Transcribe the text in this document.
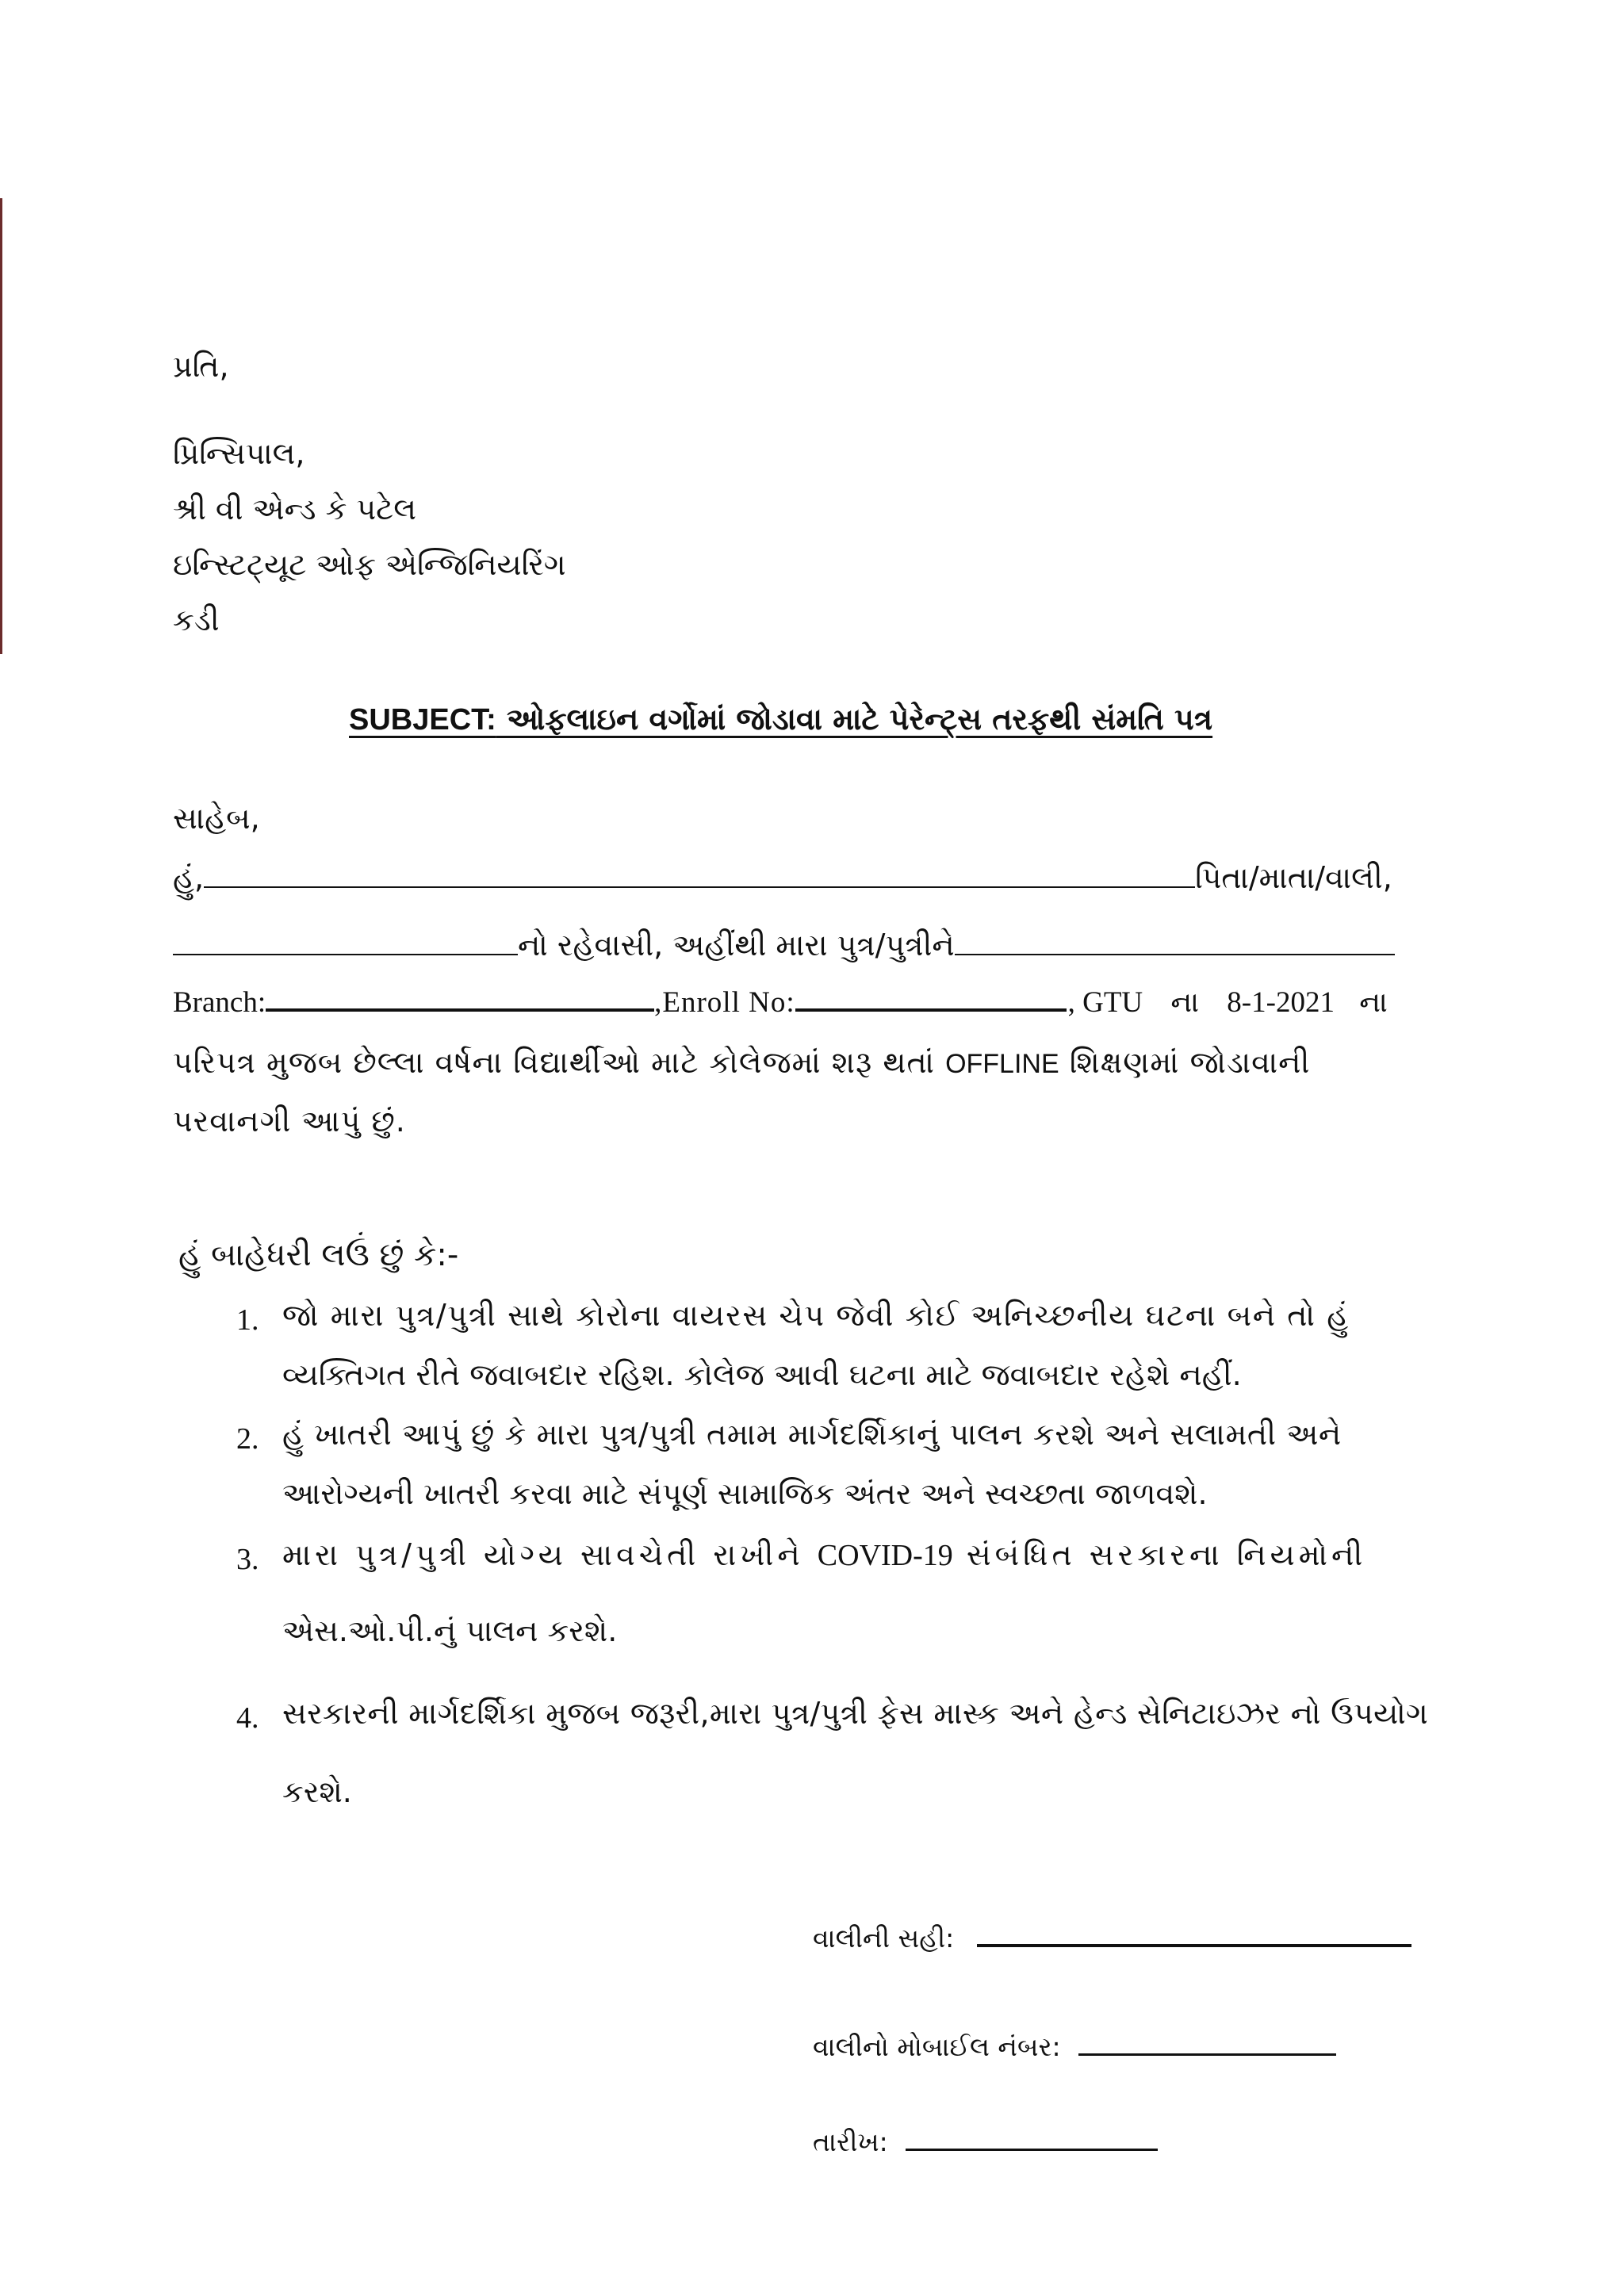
પ્રતિ,
પ્રિન્સિપાલ,
શ્રી વી એન્ડ કે પટેલ
ઇન્સ્ટિટ્યૂટ ઓફ એન્જિનિયરિંગ
કડી
SUBJECT: ઓફલાઇન વર્ગોમાં જોડાવા માટે પેરેન્ટ્સ તરફથી સંમતિ પત્ર
સાહેબ,
હું,	પિતા/માતા/વાલી,
નો રહેવાસી, અહીંથી મારા પુત્ર/પુત્રીને
Branch:	,Enroll No:	, GTU ના 8-1-2021 ના
પરિપત્ર મુજબ છેલ્લા વર્ષના વિદ્યાર્થીઓ માટે કોલેજમાં શરૂ થતાં OFFLINE શિક્ષણમાં જોડાવાની
પરવાનગી આપું છું.
હું બાહેધરી લઉં છું કે:-
1. જો મારા પુત્ર/પુત્રી સાથે કોરોના વાયરસ ચેપ જેવી કોઈ અનિચ્છનીય ઘટના બને તો હું
વ્યક્તિગત રીતે જવાબદાર રહિશ. કોલેજ આવી ઘટના માટે જવાબદાર રહેશે નહીં.
2. હું ખાતરી આપું છું કે મારા પુત્ર/પુત્રી તમામ માર્ગદર્શિકાનું પાલન કરશે અને સલામતી અને
આરોગ્યની ખાતરી કરવા માટે સંપૂર્ણ સામાજિક અંતર અને સ્વચ્છતા જાળવશે.
3. મારા પુત્ર/પુત્રી યોગ્ય સાવચેતી રાખીને COVID-19 સંબંધિત સરકારના નિયમોની
એસ.ઓ.પી.નું પાલન કરશે.
4. સરકારની માર્ગદર્શિકા મુજબ જરૂરી,મારા પુત્ર/પુત્રી ફેસ માસ્ક અને હેન્ડ સેનિટાઇઝર નો ઉપયોગ
કરશે.
વાલીની સહી:
વાલીનો મોબાઈલ નંબર:
તારીખ:
